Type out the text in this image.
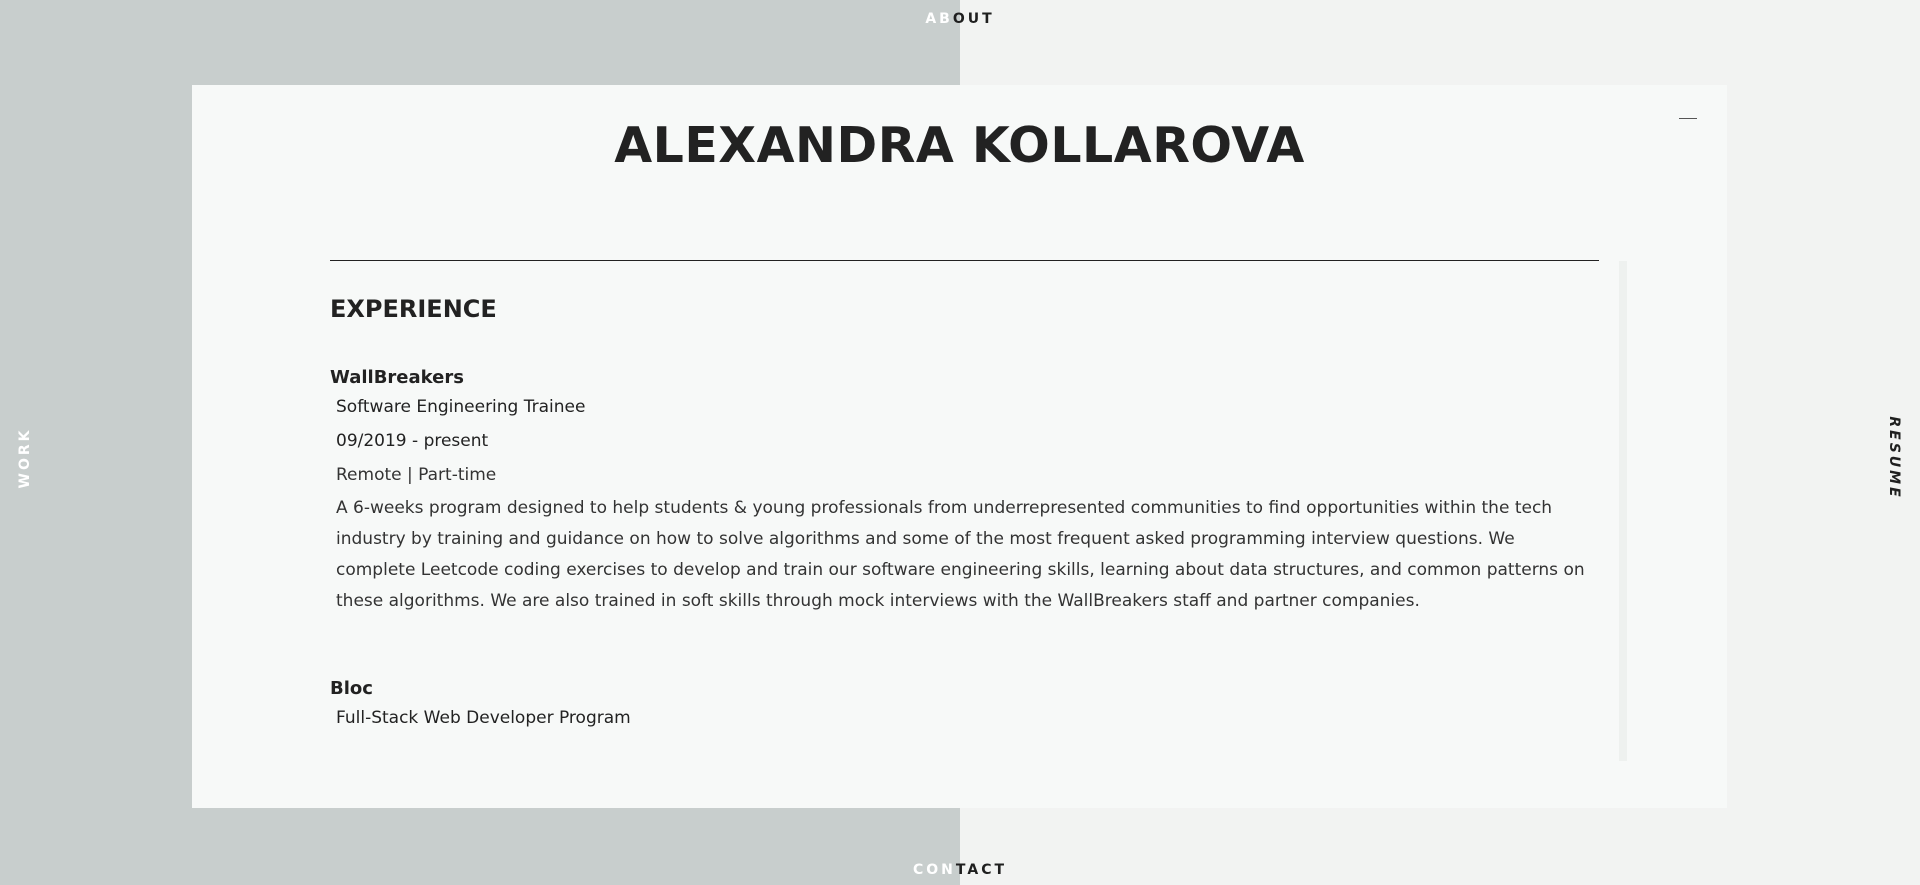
ABOUT
WORK	RESUME
CONTACT
ALEXANDRA KOLLAROVA
EXPERIENCE

WallBreakers

Software Engineering Trainee

09/2019 - present

Remote | Part-time

A 6-weeks program designed to help students & young professionals from underrepresented communities to find opportunities within the tech industry by training and guidance on how to solve algorithms and some of the most frequent asked programming interview questions. We complete Leetcode coding exercises to develop and train our software engineering skills, learning about data structures, and common patterns on these algorithms. We are also trained in soft skills through mock interviews with the WallBreakers staff and partner companies.

Bloc

Full-Stack Web Developer Program
